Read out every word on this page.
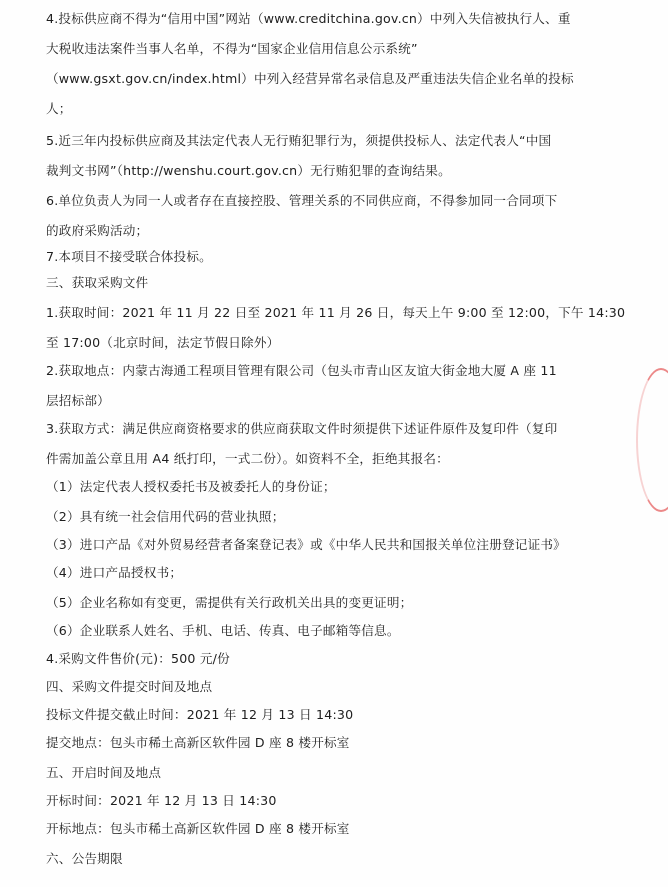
4.投标供应商不得为“信用中国”网站（www.creditchina.gov.cn）中列入失信被执行人、重
大税收违法案件当事人名单，不得为“国家企业信用信息公示系统”
（www.gsxt.gov.cn/index.html）中列入经营异常名录信息及严重违法失信企业名单的投标
人；
5.近三年内投标供应商及其法定代表人无行贿犯罪行为，须提供投标人、法定代表人“中国
裁判文书网”（http://wenshu.court.gov.cn）无行贿犯罪的查询结果。
6.单位负责人为同一人或者存在直接控股、管理关系的不同供应商，不得参加同一合同项下
的政府采购活动；
7.本项目不接受联合体投标。
三、获取采购文件
1.获取时间：2021 年 11 月 22 日至 2021 年 11 月 26 日，每天上午 9:00 至 12:00，下午 14:30
至 17:00（北京时间，法定节假日除外）
2.获取地点：内蒙古海通工程项目管理有限公司（包头市青山区友谊大街金地大厦 A 座 11
层招标部）
3.获取方式：满足供应商资格要求的供应商获取文件时须提供下述证件原件及复印件（复印
件需加盖公章且用 A4 纸打印，一式二份）。如资料不全，拒绝其报名：
（1）法定代表人授权委托书及被委托人的身份证；
（2）具有统一社会信用代码的营业执照；
（3）进口产品《对外贸易经营者备案登记表》或《中华人民共和国报关单位注册登记证书》
（4）进口产品授权书；
（5）企业名称如有变更，需提供有关行政机关出具的变更证明；
（6）企业联系人姓名、手机、电话、传真、电子邮箱等信息。
4.采购文件售价(元)：500 元/份
四、采购文件提交时间及地点
投标文件提交截止时间：2021 年 12 月 13 日 14:30
提交地点：包头市稀土高新区软件园 D 座 8 楼开标室
五、开启时间及地点
开标时间：2021 年 12 月 13 日 14:30
开标地点：包头市稀土高新区软件园 D 座 8 楼开标室
六、公告期限
